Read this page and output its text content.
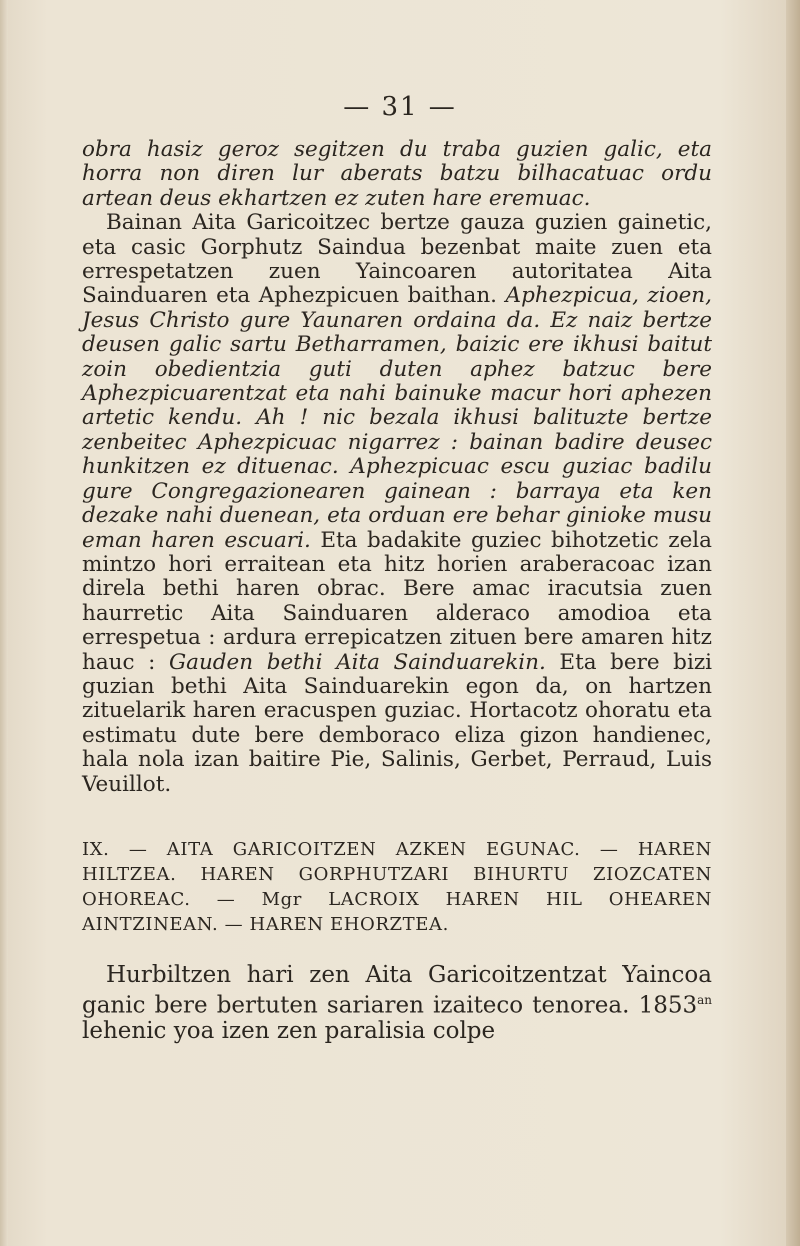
— 31 —

obra hasiz geroz segitzen du traba guzien galic, eta horra non diren lur aberats batzu bilhacatuac ordu artean deus ekhartzen ez zuten hare eremuac.

Bainan Aita Garicoitzec bertze gauza guzien gainetic, eta casic Gorphutz Saindua bezenbat maite zuen eta errespetatzen zuen Yaincoaren autoritatea Aita Sainduaren eta Aphezpicuen baithan. Aphezpicua, zioen, Jesus Christo gure Yaunaren ordaina da. Ez naiz bertze deusen galic sartu Betharramen, baizic ere ikhusi baitut zoin obedientzia guti duten aphez batzuc bere Aphezpicuarentzat eta nahi bainuke macur hori aphezen artetic kendu. Ah ! nic bezala ikhusi balituzte bertze zenbeitec Aphezpicuac nigarrez : bainan badire deusec hunkitzen ez dituenac. Aphezpicuac escu guziac badilu gure Congregazionearen gainean : barraya eta ken dezake nahi duenean, eta orduan ere behar ginioke musu eman haren escuari. Eta badakite guziec bihotzetic zela mintzo hori erraitean eta hitz horien araberacoac izan direla bethi haren obrac. Bere amac iracutsia zuen haurretic Aita Sainduaren alderaco amodioa eta errespetua : ardura errepicatzen zituen bere amaren hitz hauc : Gauden bethi Aita Sainduarekin. Eta bere bizi guzian bethi Aita Sainduarekin egon da, on hartzen zituelarik haren eracuspen guziac. Hortacotz ohoratu eta estimatu dute bere demboraco eliza gizon handienec, hala nola izan baitire Pie, Salinis, Gerbet, Perraud, Luis Veuillot.

IX. — AITA GARICOITZEN AZKEN EGUNAC. — HAREN HILTZEA. HAREN GORPHUTZARI BIHURTU ZIOZCATEN OHOREAC. — Mgr LACROIX HAREN HIL OHEAREN AINTZINEAN. — HAREN EHORZTEA.

Hurbiltzen hari zen Aita Garicoitzentzat Yaincoa ganic bere bertuten sariaren izaiteco tenorea. $1853^{an}$ lehenic yoa izen zen paralisia colpe
